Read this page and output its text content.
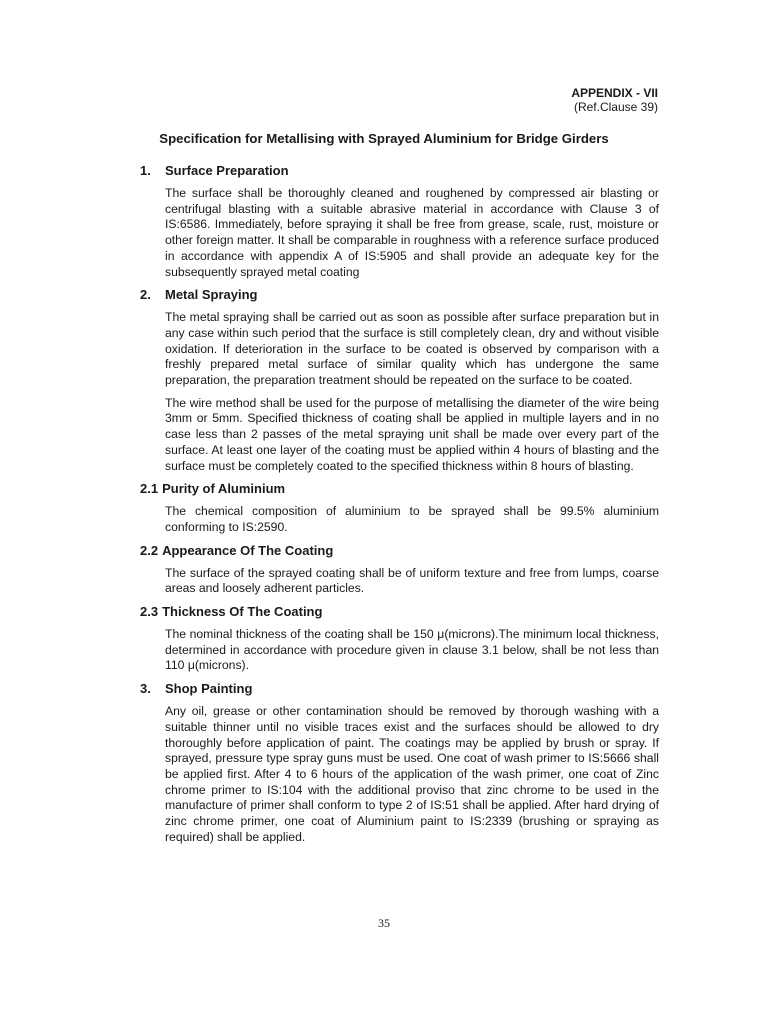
APPENDIX - VII
(Ref.Clause 39)
Specification for Metallising with Sprayed Aluminium for Bridge Girders
1.	Surface Preparation

The surface shall be thoroughly cleaned and roughened by compressed air blasting or centrifugal blasting with a suitable abrasive material in accordance with Clause 3 of IS:6586. Immediately, before spraying it shall be free from grease, scale, rust, moisture or other foreign matter. It shall be comparable in roughness with a reference surface produced in accordance with appendix A of IS:5905 and shall provide an adequate key for the subsequently sprayed metal coating

2.	Metal Spraying

The metal spraying shall be carried out as soon as possible after surface preparation but in any case within such period that the surface is still completely clean, dry and without visible oxidation. If deterioration in the surface to be coated is observed by comparison with a freshly prepared metal surface of similar quality which has undergone the same preparation, the preparation treatment should be repeated on the surface to be coated.

The wire method shall be used for the purpose of metallising the diameter of the wire being 3mm or 5mm. Specified thickness of coating shall be applied in multiple layers and in no case less than 2 passes of the metal spraying unit shall be made over every part of the surface. At least one layer of the coating must be applied within 4 hours of blasting and the surface must be completely coated to the specified thickness within 8 hours of blasting.

2.1 Purity of Aluminium

The chemical composition of aluminium to be sprayed shall be 99.5% aluminium conforming to IS:2590.

2.2 Appearance Of The Coating

The surface of the sprayed coating shall be of uniform texture and free from lumps, coarse areas and loosely adherent particles.

2.3 Thickness Of The Coating

The nominal thickness of the coating shall be 150 μ(microns).The minimum local thickness, determined in accordance with procedure given in clause 3.1 below, shall be not less than 110 μ(microns).

3.	Shop Painting

Any oil, grease or other contamination should be removed by thorough washing with a suitable thinner until no visible traces exist and the surfaces should be allowed to dry thoroughly before application of paint. The coatings may be applied by brush or spray. If sprayed, pressure type spray guns must be used. One coat of wash primer to IS:5666 shall be applied first. After 4 to 6 hours of the application of the wash primer, one coat of Zinc chrome primer to IS:104 with the additional proviso that zinc chrome to be used in the manufacture of primer shall conform to type 2 of IS:51 shall be applied. After hard drying of zinc chrome primer, one coat of Aluminium paint to IS:2339 (brushing or spraying as required) shall be applied.

35
